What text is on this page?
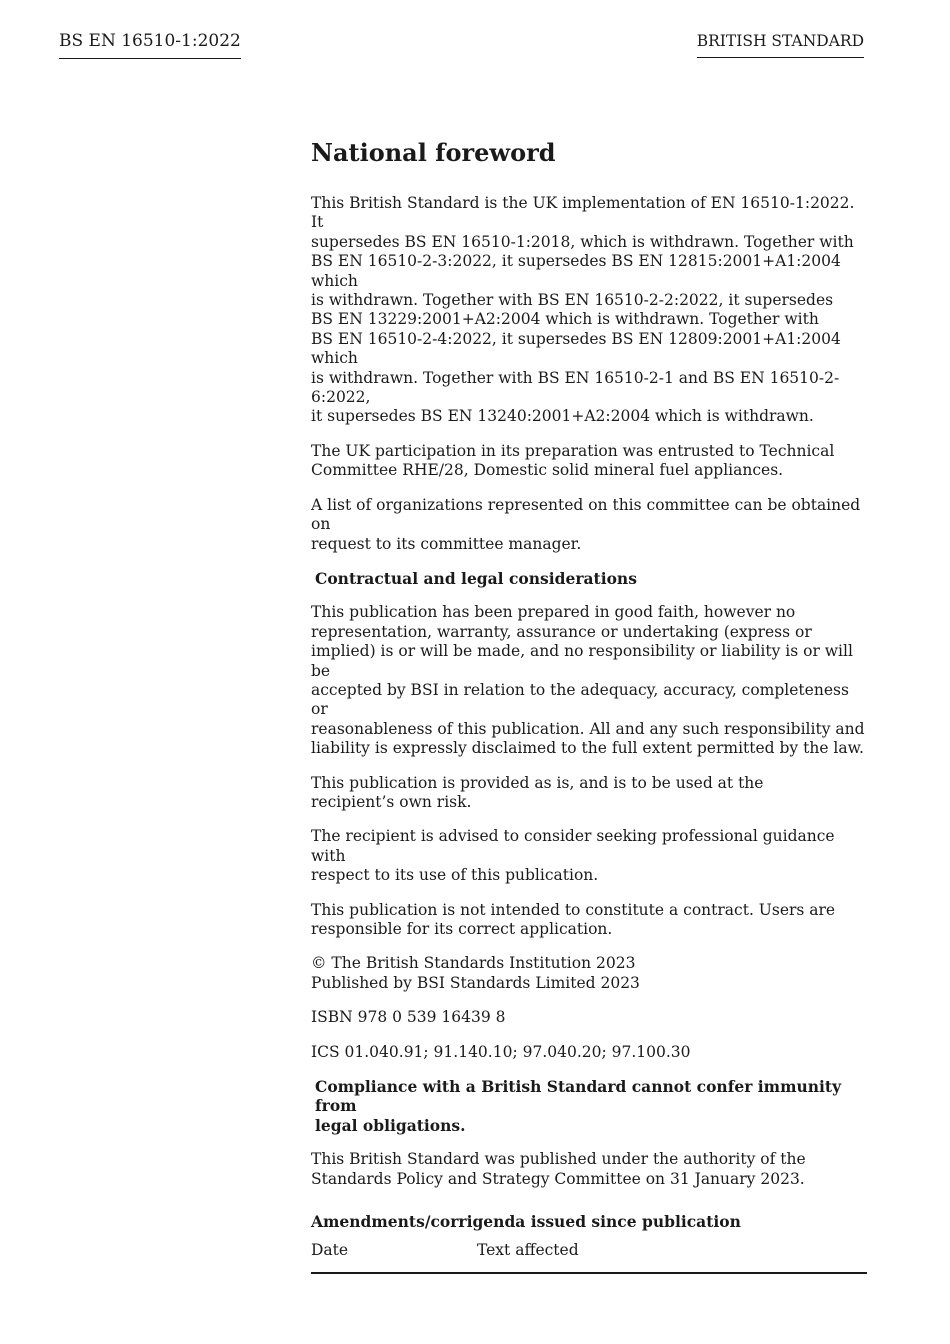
BS EN 16510-1:2022	BRITISH STANDARD
National foreword

This British Standard is the UK implementation of EN 16510-1:2022. It
supersedes BS EN 16510-1:2018, which is withdrawn. Together with
BS EN 16510-2-3:2022, it supersedes BS EN 12815:2001+A1:2004 which
is withdrawn. Together with BS EN 16510-2-2:2022, it supersedes
BS EN 13229:2001+A2:2004 which is withdrawn. Together with
BS EN 16510-2-4:2022, it supersedes BS EN 12809:2001+A1:2004 which
is withdrawn. Together with BS EN 16510-2-1 and BS EN 16510-2-6:2022,
it supersedes BS EN 13240:2001+A2:2004 which is withdrawn.

The UK participation in its preparation was entrusted to Technical
Committee RHE/28, Domestic solid mineral fuel appliances.

A list of organizations represented on this committee can be obtained on
request to its committee manager.

Contractual and legal considerations

This publication has been prepared in good faith, however no
representation, warranty, assurance or undertaking (express or
implied) is or will be made, and no responsibility or liability is or will be
accepted by BSI in relation to the adequacy, accuracy, completeness or
reasonableness of this publication. All and any such responsibility and
liability is expressly disclaimed to the full extent permitted by the law.

This publication is provided as is, and is to be used at the
recipient’s own risk.

The recipient is advised to consider seeking professional guidance with
respect to its use of this publication.

This publication is not intended to constitute a contract. Users are
responsible for its correct application.

© The British Standards Institution 2023
Published by BSI Standards Limited 2023

ISBN 978 0 539 16439 8

ICS 01.040.91; 91.140.10; 97.040.20; 97.100.30

Compliance with a British Standard cannot confer immunity from
legal obligations.

This British Standard was published under the authority of the
Standards Policy and Strategy Committee on 31 January 2023.

Amendments/corrigenda issued since publication
Date	Text affected
